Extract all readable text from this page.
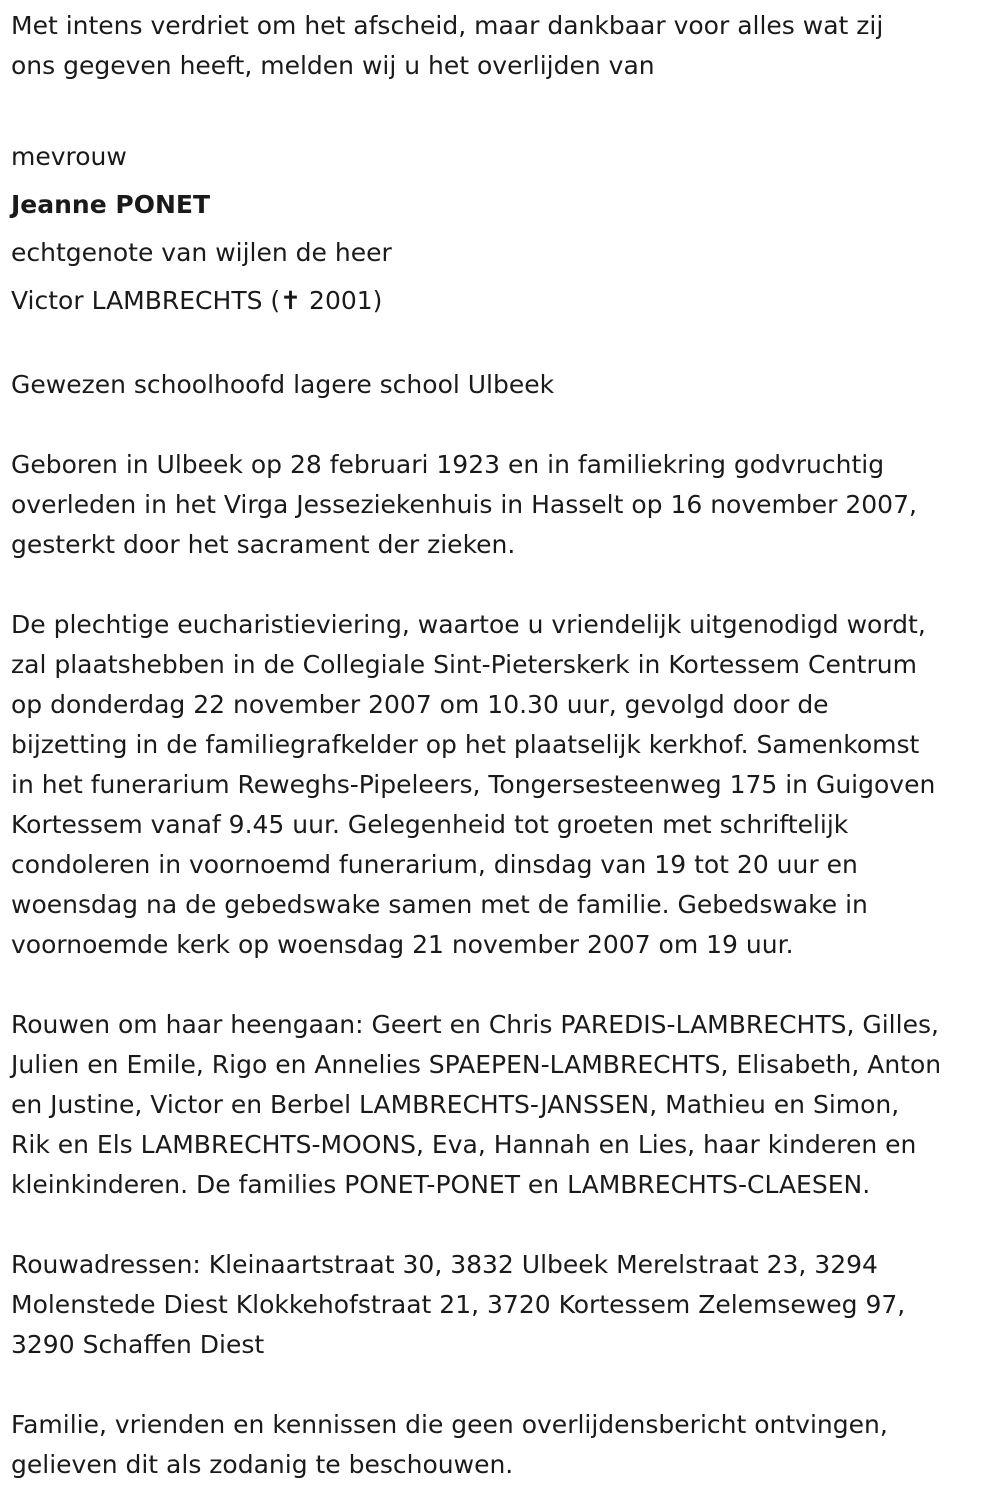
Met intens verdriet om het afscheid, maar dankbaar voor alles wat zij

ons gegeven heeft, melden wij u het overlijden van

mevrouw

Jeanne PONET

echtgenote van wijlen de heer

Victor LAMBRECHTS (✝ 2001)

Gewezen schoolhoofd lagere school Ulbeek

Geboren in Ulbeek op 28 februari 1923 en in familiekring godvruchtig

overleden in het Virga Jesseziekenhuis in Hasselt op 16 november 2007,

gesterkt door het sacrament der zieken.

De plechtige eucharistieviering, waartoe u vriendelijk uitgenodigd wordt,

zal plaatshebben in de Collegiale Sint-Pieterskerk in Kortessem Centrum

op donderdag 22 november 2007 om 10.30 uur, gevolgd door de

bijzetting in de familiegrafkelder op het plaatselijk kerkhof. Samenkomst

in het funerarium Reweghs-Pipeleers, Tongersesteenweg 175 in Guigoven

Kortessem vanaf 9.45 uur. Gelegenheid tot groeten met schriftelijk

condoleren in voornoemd funerarium, dinsdag van 19 tot 20 uur en

woensdag na de gebedswake samen met de familie. Gebedswake in

voornoemde kerk op woensdag 21 november 2007 om 19 uur.

Rouwen om haar heengaan: Geert en Chris PAREDIS-LAMBRECHTS, Gilles,

Julien en Emile, Rigo en Annelies SPAEPEN-LAMBRECHTS, Elisabeth, Anton

en Justine, Victor en Berbel LAMBRECHTS-JANSSEN, Mathieu en Simon,

Rik en Els LAMBRECHTS-MOONS, Eva, Hannah en Lies, haar kinderen en

kleinkinderen. De families PONET-PONET en LAMBRECHTS-CLAESEN.

Rouwadressen: Kleinaartstraat 30, 3832 Ulbeek Merelstraat 23, 3294

Molenstede Diest Klokkehofstraat 21, 3720 Kortessem Zelemseweg 97,

3290 Schaffen Diest

Familie, vrienden en kennissen die geen overlijdensbericht ontvingen,

gelieven dit als zodanig te beschouwen.
